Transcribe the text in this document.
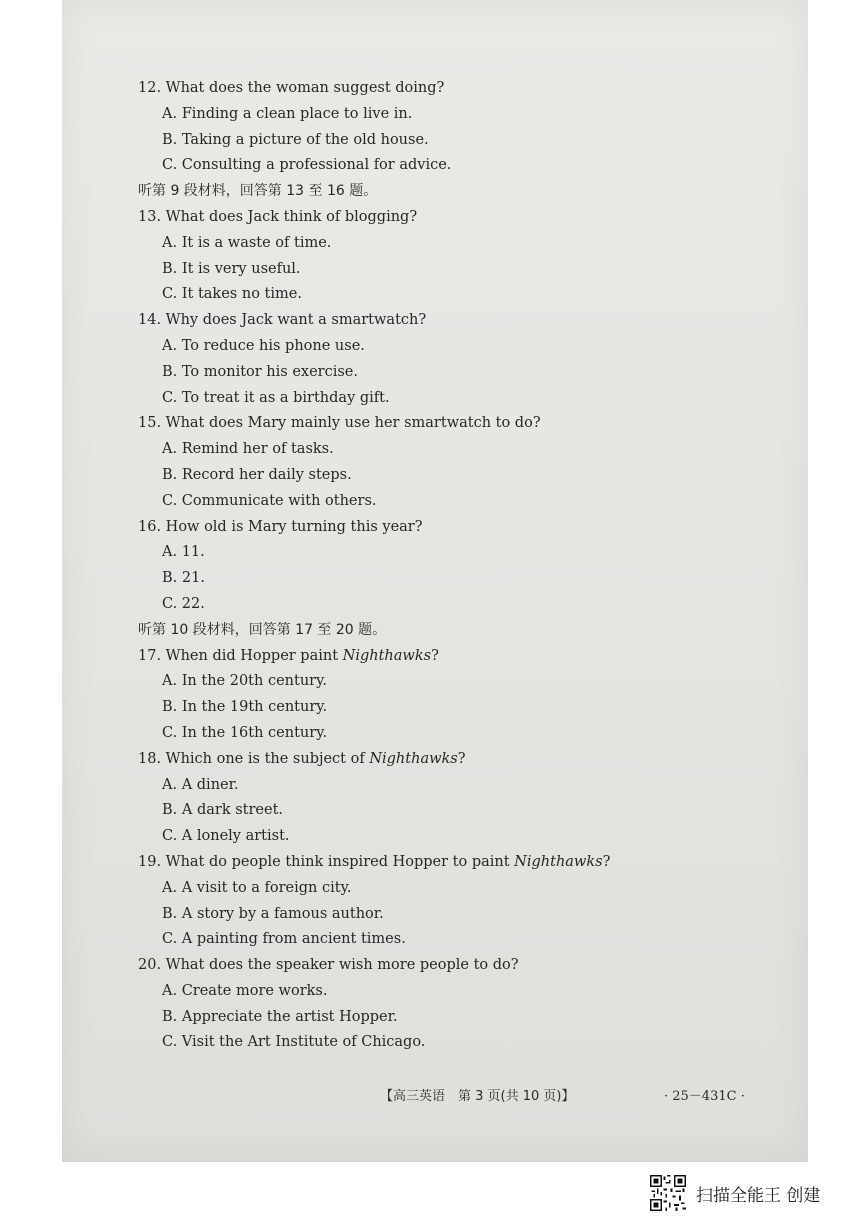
12. What does the woman suggest doing?
A. Finding a clean place to live in.
B. Taking a picture of the old house.
C. Consulting a professional for advice.
听第 9 段材料，回答第 13 至 16 题。
13. What does Jack think of blogging?
A. It is a waste of time.
B. It is very useful.
C. It takes no time.
14. Why does Jack want a smartwatch?
A. To reduce his phone use.
B. To monitor his exercise.
C. To treat it as a birthday gift.
15. What does Mary mainly use her smartwatch to do?
A. Remind her of tasks.
B. Record her daily steps.
C. Communicate with others.
16. How old is Mary turning this year?
A. 11.
B. 21.
C. 22.
听第 10 段材料，回答第 17 至 20 题。
17. When did Hopper paint Nighthawks?
A. In the 20th century.
B. In the 19th century.
C. In the 16th century.
18. Which one is the subject of Nighthawks?
A. A diner.
B. A dark street.
C. A lonely artist.
19. What do people think inspired Hopper to paint Nighthawks?
A. A visit to a foreign city.
B. A story by a famous author.
C. A painting from ancient times.
20. What does the speaker wish more people to do?
A. Create more works.
B. Appreciate the artist Hopper.
C. Visit the Art Institute of Chicago.
【高三英语　第 3 页(共 10 页)】	· 25－431C ·
扫描全能王 创建
